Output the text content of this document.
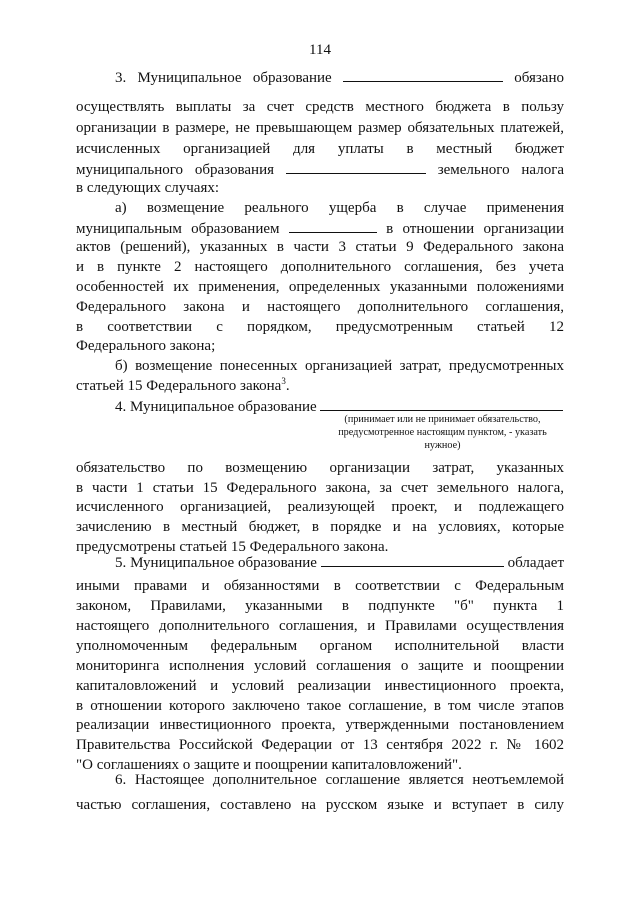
114
3. Муниципальное образование	обязано
осуществлять выплаты за счет средств местного бюджета в пользу
организации в размере, не превышающем размер обязательных платежей,
исчисленных организацией для уплаты в местный бюджет
муниципального образования	земельного налога
в следующих случаях:
а) возмещение реального ущерба в случае применения
муниципальным образованием	в отношении организации
актов (решений), указанных в части 3 статьи 9 Федерального закона
и в пункте 2 настоящего дополнительного соглашения, без учета
особенностей их применения, определенных указанными положениями
Федерального закона и настоящего дополнительного соглашения,
в соответствии с порядком, предусмотренным статьей 12
Федерального закона;
б) возмещение понесенных организацией затрат, предусмотренных
статьей 15 Федерального закона$^3$.
4. Муниципальное образование
(принимает или не принимает обязательство,
предусмотренное настоящим пунктом, - указать
нужное)
обязательство по возмещению организации затрат, указанных
в части 1 статьи 15 Федерального закона, за счет земельного налога,
исчисленного организацией, реализующей проект, и подлежащего
зачислению в местный бюджет, в порядке и на условиях, которые
предусмотрены статьей 15 Федерального закона.
5. Муниципальное образование	обладает
иными правами и обязанностями в соответствии с Федеральным
законом, Правилами, указанными в подпункте "б" пункта 1
настоящего дополнительного соглашения, и Правилами осуществления
уполномоченным федеральным органом исполнительной власти
мониторинга исполнения условий соглашения о защите и поощрении
капиталовложений и условий реализации инвестиционного проекта,
в отношении которого заключено такое соглашение, в том числе этапов
реализации инвестиционного проекта, утвержденными постановлением
Правительства Российской Федерации от 13 сентября 2022 г. № 1602
"О соглашениях о защите и поощрении капиталовложений".
6. Настоящее дополнительное соглашение является неотъемлемой
частью соглашения, составлено на русском языке и вступает в силу
